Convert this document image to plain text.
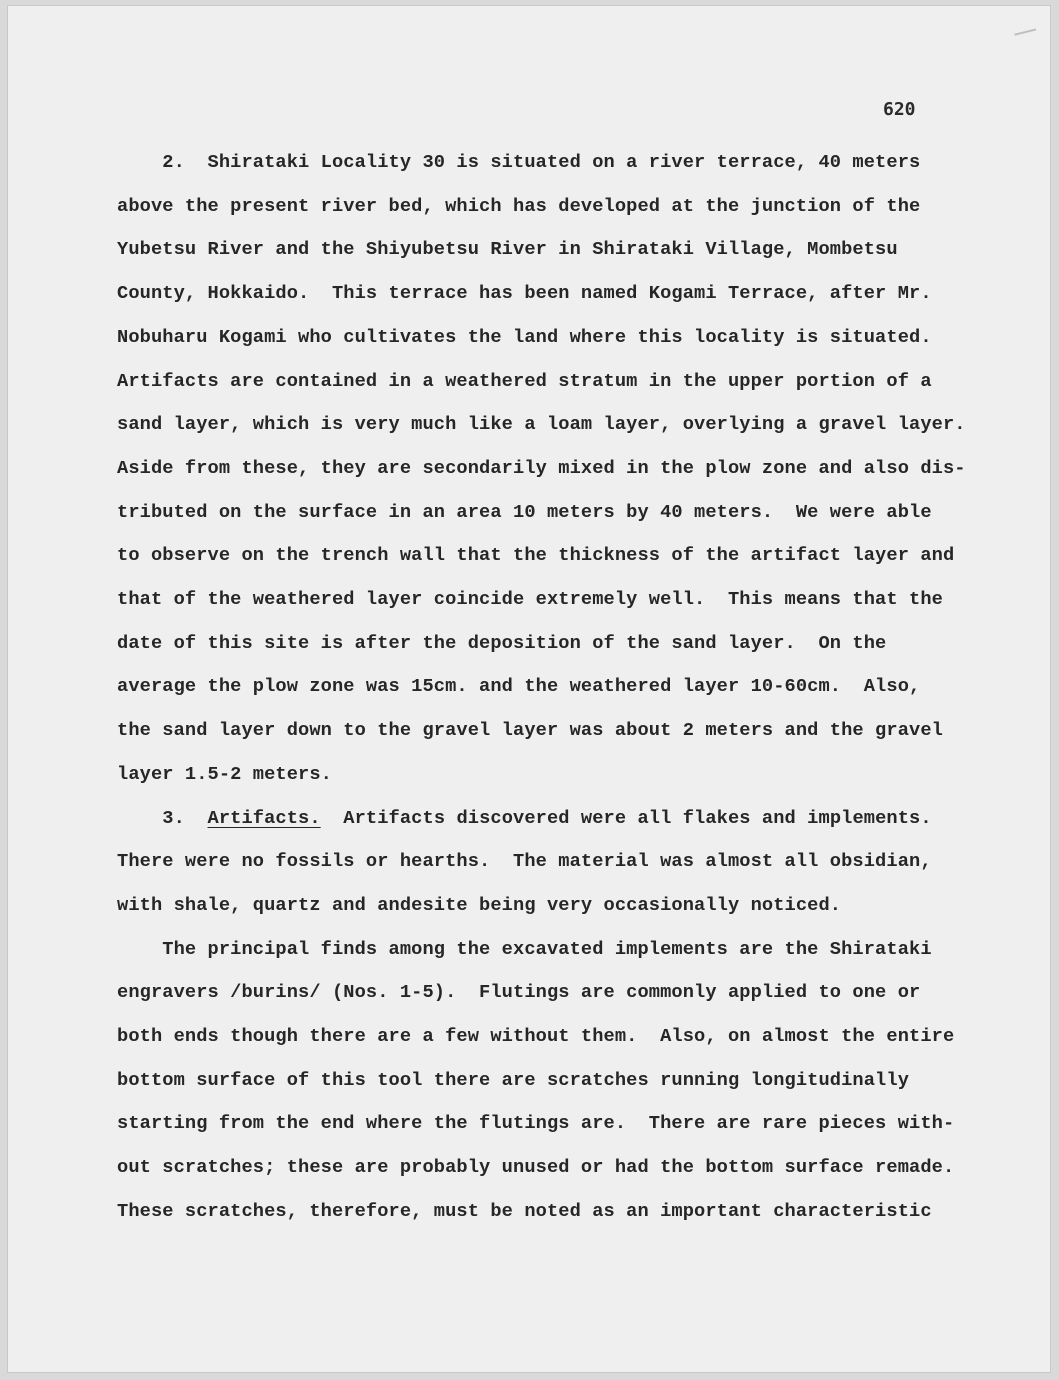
620
2.  Shirataki Locality 30 is situated on a river terrace, 40 meters
above the present river bed, which has developed at the junction of the
Yubetsu River and the Shiyubetsu River in Shirataki Village, Mombetsu
County, Hokkaido.  This terrace has been named Kogami Terrace, after Mr.
Nobuharu Kogami who cultivates the land where this locality is situated.
Artifacts are contained in a weathered stratum in the upper portion of a
sand layer, which is very much like a loam layer, overlying a gravel layer.
Aside from these, they are secondarily mixed in the plow zone and also dis-
tributed on the surface in an area 10 meters by 40 meters.  We were able
to observe on the trench wall that the thickness of the artifact layer and
that of the weathered layer coincide extremely well.  This means that the
date of this site is after the deposition of the sand layer.  On the
average the plow zone was 15cm. and the weathered layer 10-60cm.  Also,
the sand layer down to the gravel layer was about 2 meters and the gravel
layer 1.5-2 meters.
3.  Artifacts.  Artifacts discovered were all flakes and implements.
There were no fossils or hearths.  The material was almost all obsidian,
with shale, quartz and andesite being very occasionally noticed.
The principal finds among the excavated implements are the Shirataki
engravers /burins/ (Nos. 1-5).  Flutings are commonly applied to one or
both ends though there are a few without them.  Also, on almost the entire
bottom surface of this tool there are scratches running longitudinally
starting from the end where the flutings are.  There are rare pieces with-
out scratches; these are probably unused or had the bottom surface remade.
These scratches, therefore, must be noted as an important characteristic
